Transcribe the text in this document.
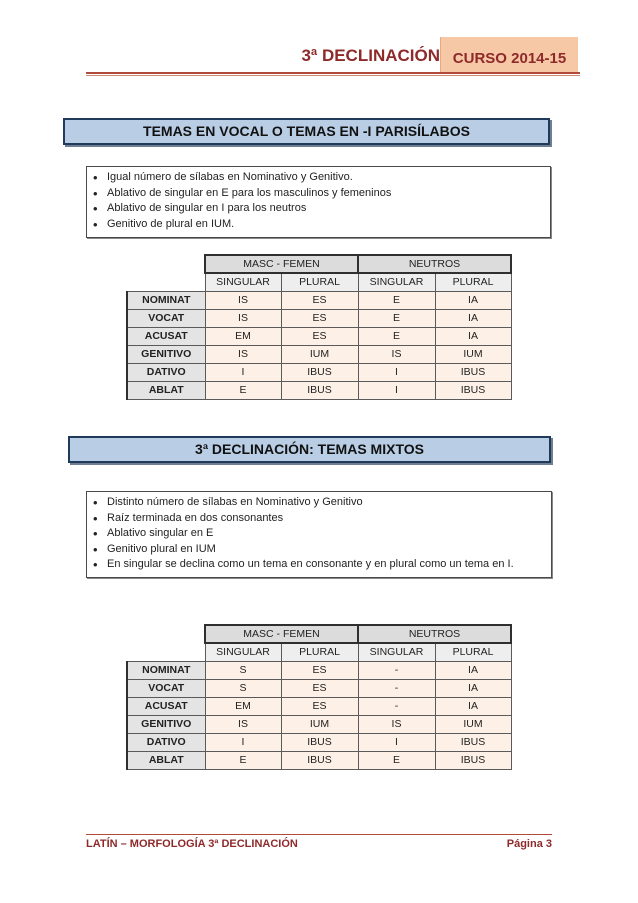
3ª DECLINACIÓN CURSO 2014-15
TEMAS EN VOCAL O TEMAS EN -I PARISÍLABOS
• Igual número de sílabas en Nominativo y Genitivo.
• Ablativo de singular en E para los masculinos y femeninos
• Ablativo de singular en I para los neutros
• Genitivo de plural en IUM.
	MASC - FEMEN		NEUTROS	
	SINGULAR	PLURAL	SINGULAR	PLURAL
NOMINAT	IS	ES	E	IA
VOCAT	IS	ES	E	IA
ACUSAT	EM	ES	E	IA
GENITIVO	IS	IUM	IS	IUM
DATIVO	I	IBUS	I	IBUS
ABLAT	E	IBUS	I	IBUS
3ª DECLINACIÓN: TEMAS MIXTOS
• Distinto número de sílabas en Nominativo y Genitivo
• Raíz terminada en dos consonantes
• Ablativo singular en E
• Genitivo plural en IUM
• En singular se declina como un tema en consonante y en plural como un tema en I.
	MASC - FEMEN		NEUTROS	
	SINGULAR	PLURAL	SINGULAR	PLURAL
NOMINAT	S	ES	-	IA
VOCAT	S	ES	-	IA
ACUSAT	EM	ES	-	IA
GENITIVO	IS	IUM	IS	IUM
DATIVO	I	IBUS	I	IBUS
ABLAT	E	IBUS	E	IBUS
LATÍN – MORFOLOGÍA 3ª DECLINACIÓN	Página 3
